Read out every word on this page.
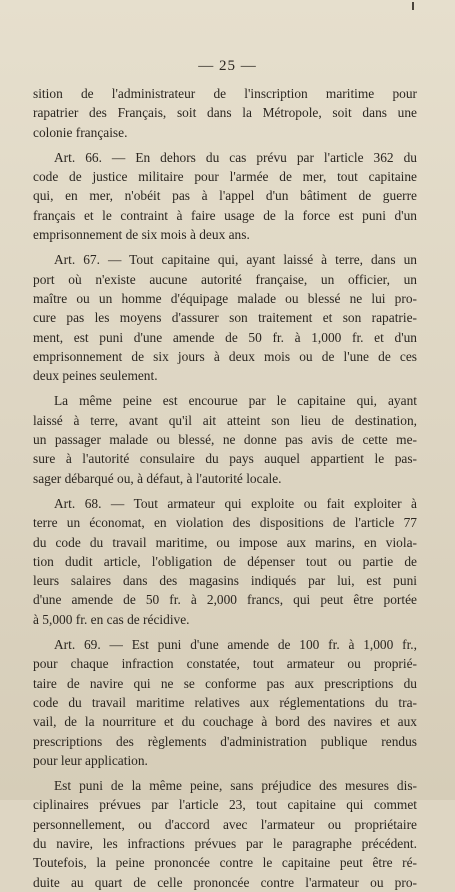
— 25 —
sition de l'administrateur de l'inscription maritime pour
rapatrier des Français, soit dans la Métropole, soit dans une
colonie française.
Art. 66. — En dehors du cas prévu par l'article 362 du
code de justice militaire pour l'armée de mer, tout capitaine
qui, en mer, n'obéit pas à l'appel d'un bâtiment de guerre
français et le contraint à faire usage de la force est puni d'un
emprisonnement de six mois à deux ans.
Art. 67. — Tout capitaine qui, ayant laissé à terre, dans un
port où n'existe aucune autorité française, un officier, un
maître ou un homme d'équipage malade ou blessé ne lui pro-
cure pas les moyens d'assurer son traitement et son rapatrie-
ment, est puni d'une amende de 50 fr. à 1,000 fr. et d'un
emprisonnement de six jours à deux mois ou de l'une de ces
deux peines seulement.
La même peine est encourue par le capitaine qui, ayant
laissé à terre, avant qu'il ait atteint son lieu de destination,
un passager malade ou blessé, ne donne pas avis de cette me-
sure à l'autorité consulaire du pays auquel appartient le pas-
sager débarqué ou, à défaut, à l'autorité locale.
Art. 68. — Tout armateur qui exploite ou fait exploiter à
terre un économat, en violation des dispositions de l'article 77
du code du travail maritime, ou impose aux marins, en viola-
tion dudit article, l'obligation de dépenser tout ou partie de
leurs salaires dans des magasins indiqués par lui, est puni
d'une amende de 50 fr. à 2,000 francs, qui peut être portée
à 5,000 fr. en cas de récidive.
Art. 69. — Est puni d'une amende de 100 fr. à 1,000 fr.,
pour chaque infraction constatée, tout armateur ou proprié-
taire de navire qui ne se conforme pas aux prescriptions du
code du travail maritime relatives aux réglementations du tra-
vail, de la nourriture et du couchage à bord des navires et aux
prescriptions des règlements d'administration publique rendus
pour leur application.
Est puni de la même peine, sans préjudice des mesures dis-
ciplinaires prévues par l'article 23, tout capitaine qui commet
personnellement, ou d'accord avec l'armateur ou propriétaire
du navire, les infractions prévues par le paragraphe précédent.
Toutefois, la peine prononcée contre le capitaine peut être ré-
duite au quart de celle prononcée contre l'armateur ou pro-
